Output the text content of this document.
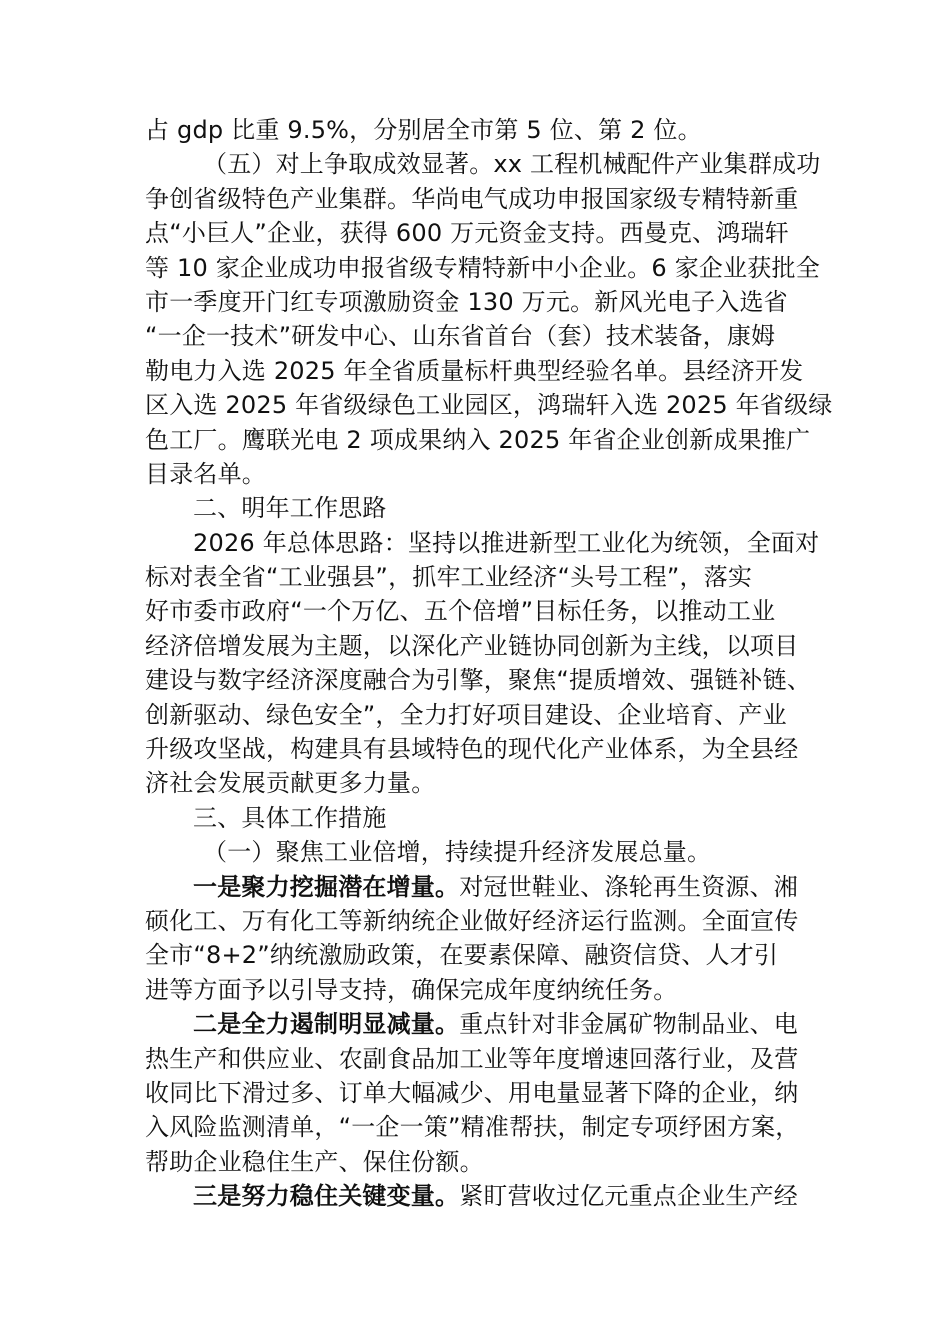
占 gdp 比重 9.5%，分别居全市第 5 位、第 2 位。
（五）对上争取成效显著。xx 工程机械配件产业集群成功
争创省级特色产业集群。华尚电气成功申报国家级专精特新重
点“小巨人”企业，获得 600 万元资金支持。西曼克、鸿瑞轩
等 10 家企业成功申报省级专精特新中小企业。6 家企业获批全
市一季度开门红专项激励资金 130 万元。新风光电子入选省
“一企一技术”研发中心、山东省首台（套）技术装备，康姆
勒电力入选 2025 年全省质量标杆典型经验名单。县经济开发
区入选 2025 年省级绿色工业园区，鸿瑞轩入选 2025 年省级绿
色工厂。鹰联光电 2 项成果纳入 2025 年省企业创新成果推广
目录名单。
二、明年工作思路
2026 年总体思路：坚持以推进新型工业化为统领，全面对
标对表全省“工业强县”，抓牢工业经济“头号工程”，落实
好市委市政府“一个万亿、五个倍增”目标任务，以推动工业
经济倍增发展为主题，以深化产业链协同创新为主线，以项目
建设与数字经济深度融合为引擎，聚焦“提质增效、强链补链、
创新驱动、绿色安全”，全力打好项目建设、企业培育、产业
升级攻坚战，构建具有县域特色的现代化产业体系，为全县经
济社会发展贡献更多力量。
三、具体工作措施
（一）聚焦工业倍增，持续提升经济发展总量。
一是聚力挖掘潜在增量。对冠世鞋业、涤轮再生资源、湘
硕化工、万有化工等新纳统企业做好经济运行监测。全面宣传
全市“8+2”纳统激励政策，在要素保障、融资信贷、人才引
进等方面予以引导支持，确保完成年度纳统任务。
二是全力遏制明显减量。重点针对非金属矿物制品业、电
热生产和供应业、农副食品加工业等年度增速回落行业，及营
收同比下滑过多、订单大幅减少、用电量显著下降的企业，纳
入风险监测清单，“一企一策”精准帮扶，制定专项纾困方案，
帮助企业稳住生产、保住份额。
三是努力稳住关键变量。紧盯营收过亿元重点企业生产经
